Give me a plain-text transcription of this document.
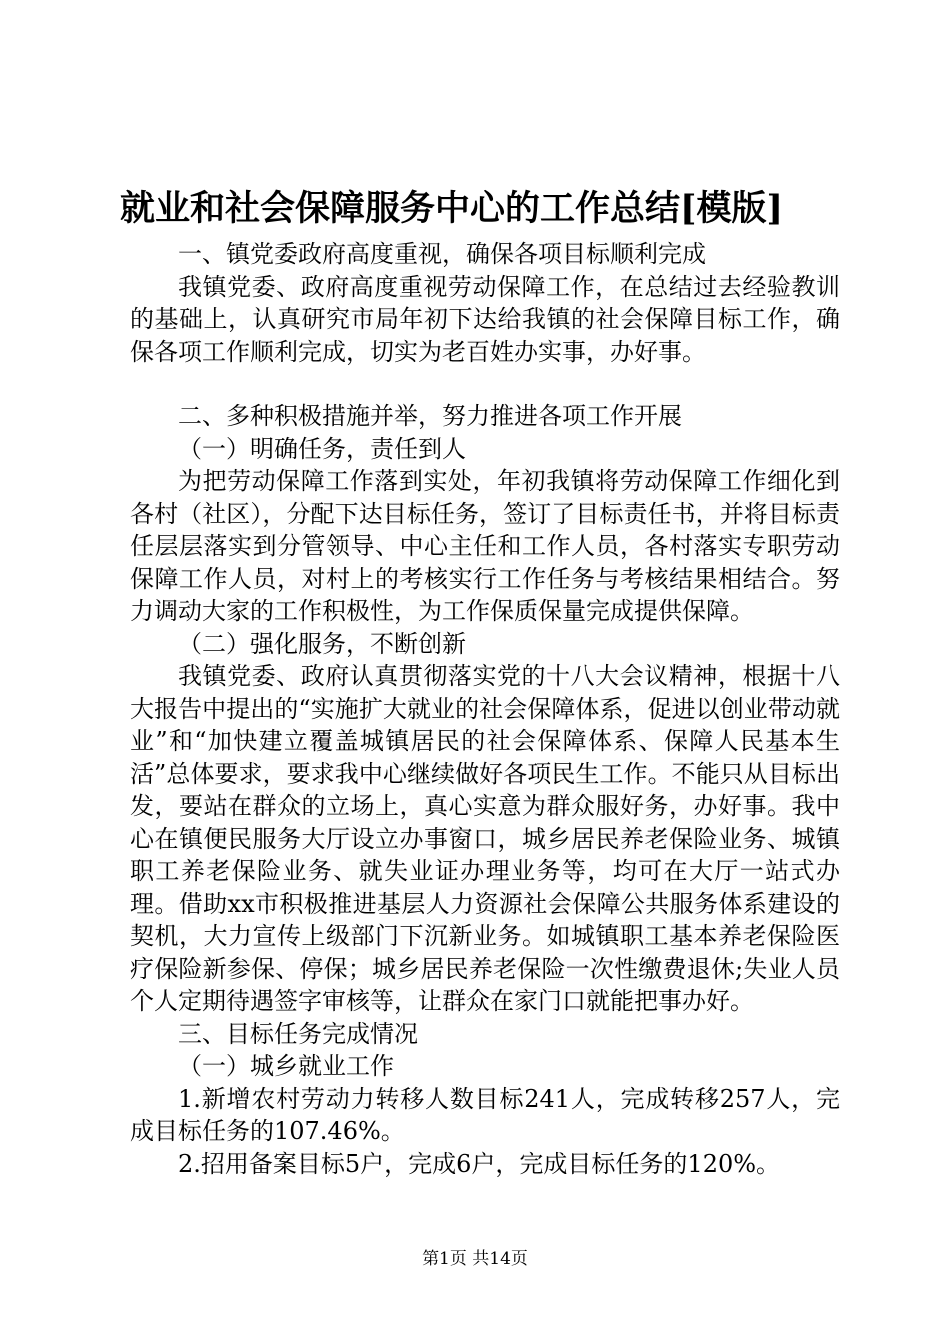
就业和社会保障服务中心的工作总结[模版]

一、镇党委政府高度重视，确保各项目标顺利完成

我镇党委、政府高度重视劳动保障工作，在总结过去经验教训的基础上，认真研究市局年初下达给我镇的社会保障目标工作，确保各项工作顺利完成，切实为老百姓办实事，办好事。

二、多种积极措施并举，努力推进各项工作开展

（一）明确任务，责任到人

为把劳动保障工作落到实处，年初我镇将劳动保障工作细化到各村（社区），分配下达目标任务，签订了目标责任书，并将目标责任层层落实到分管领导、中心主任和工作人员，各村落实专职劳动保障工作人员，对村上的考核实行工作任务与考核结果相结合。努力调动大家的工作积极性，为工作保质保量完成提供保障。

（二）强化服务，不断创新

我镇党委、政府认真贯彻落实党的十八大会议精神，根据十八大报告中提出的“实施扩大就业的社会保障体系，促进以创业带动就业”和“加快建立覆盖城镇居民的社会保障体系、保障人民基本生活”总体要求，要求我中心继续做好各项民生工作。不能只从目标出发，要站在群众的立场上，真心实意为群众服好务，办好事。我中心在镇便民服务大厅设立办事窗口，城乡居民养老保险业务、城镇职工养老保险业务、就失业证办理业务等，均可在大厅一站式办理。借助xx市积极推进基层人力资源社会保障公共服务体系建设的契机，大力宣传上级部门下沉新业务。如城镇职工基本养老保险医疗保险新参保、停保；城乡居民养老保险一次性缴费退休;失业人员个人定期待遇签字审核等，让群众在家门口就能把事办好。

三、目标任务完成情况

（一）城乡就业工作

1.新增农村劳动力转移人数目标241人，完成转移257人，完成目标任务的107.46%。

2.招用备案目标5户，完成6户，完成目标任务的120%。

第1页 共14页
